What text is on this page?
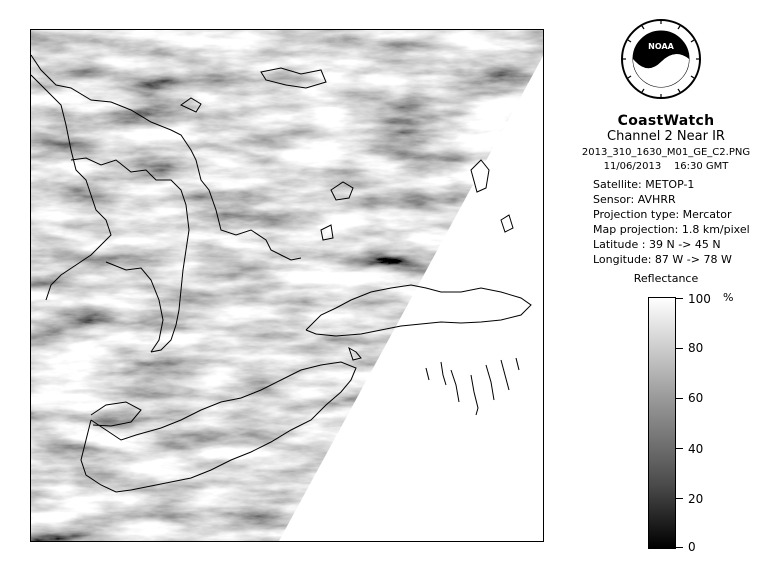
NOAA
CoastWatch
Channel 2 Near IR
2013_310_1630_M01_GE_C2.PNG
11/06/2013 16:30 GMT
Satellite: METOP-1
Sensor: AVHRR
Projection type: Mercator
Map projection: 1.8 km/pixel
Latitude : 39 N -> 45 N
Longitude: 87 W -> 78 W
Reflectance
%
100
80
60
40
20
0
